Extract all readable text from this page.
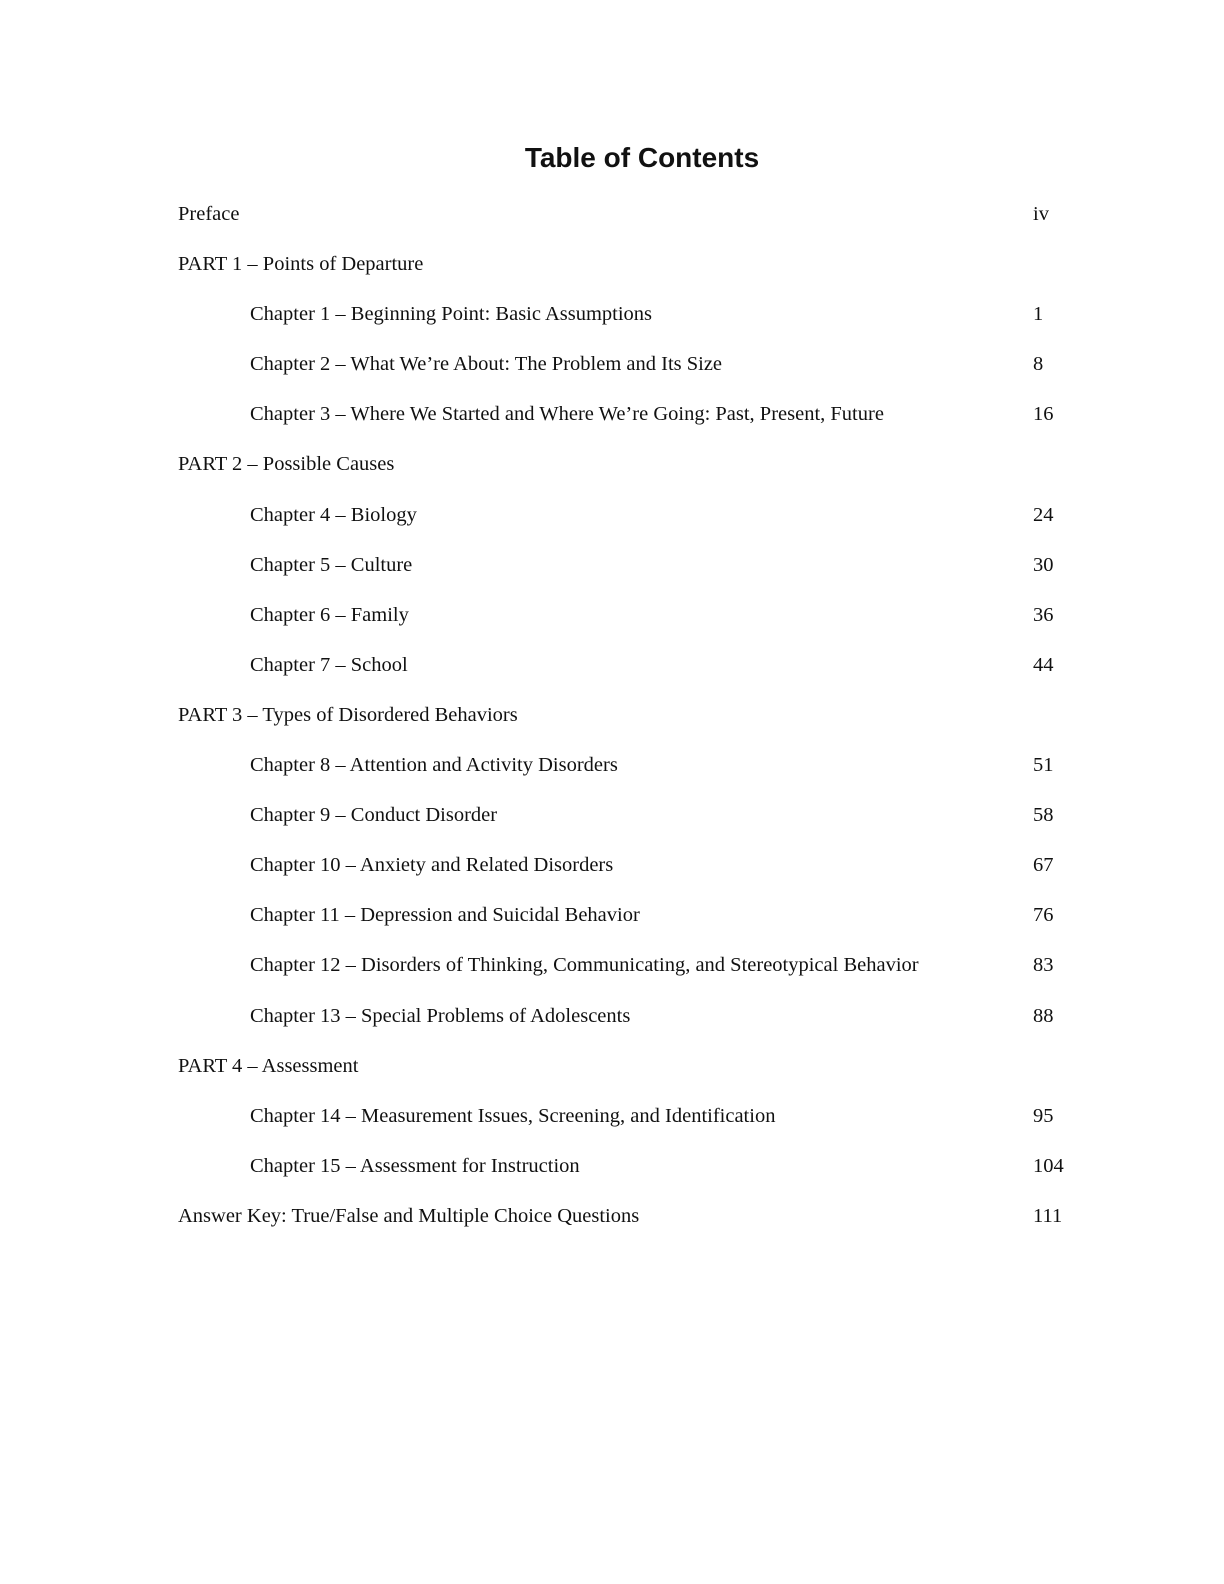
Table of Contents
Preface	iv
PART 1 – Points of Departure
Chapter 1 – Beginning Point: Basic Assumptions	1
Chapter 2 – What We’re About: The Problem and Its Size	8
Chapter 3 – Where We Started and Where We’re Going: Past, Present, Future	16
PART 2 – Possible Causes
Chapter 4 – Biology	24
Chapter 5 – Culture	30
Chapter 6 – Family	36
Chapter 7 – School	44
PART 3 – Types of Disordered Behaviors
Chapter 8 – Attention and Activity Disorders	51
Chapter 9 – Conduct Disorder	58
Chapter 10 – Anxiety and Related Disorders	67
Chapter 11 – Depression and Suicidal Behavior	76
Chapter 12 – Disorders of Thinking, Communicating, and Stereotypical Behavior	83
Chapter 13 – Special Problems of Adolescents	88
PART 4 – Assessment
Chapter 14 – Measurement Issues, Screening, and Identification	95
Chapter 15 – Assessment for Instruction	104
Answer Key: True/False and Multiple Choice Questions	111
